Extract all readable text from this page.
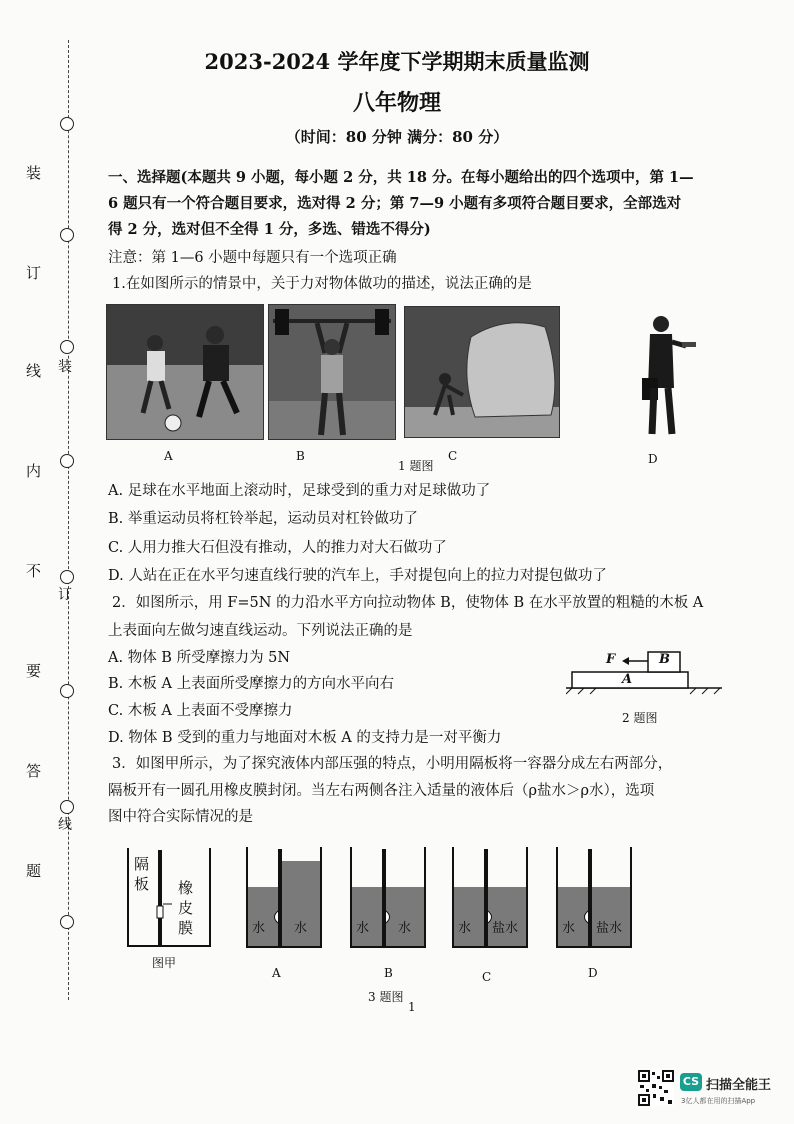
装
订
线
内
不
要
答
题
装
订
线
2023-2024 学年度下学期期末质量监测
八年物理
（时间：80 分钟 满分：80 分）
一、选择题(本题共 9 小题，每小题 2 分，共 18 分。在每小题给出的四个选项中，第 1—
6 题只有一个符合题目要求，选对得 2 分；第 7—9 小题有多项符合题目要求，全部选对
得 2 分，选对但不全得 1 分，多选、错选不得分)
注意：第 1—6 小题中每题只有一个选项正确
1.在如图所示的情景中，关于力对物体做功的描述，说法正确的是
A	B	C	D
1 题图
A. 足球在水平地面上滚动时，足球受到的重力对足球做功了
B. 举重运动员将杠铃举起，运动员对杠铃做功了
C. 人用力推大石但没有推动，人的推力对大石做功了
D. 人站在正在水平匀速直线行驶的汽车上，手对提包向上的拉力对提包做功了
2．如图所示，用 F=5N 的力沿水平方向拉动物体 B，使物体 B 在水平放置的粗糙的木板 A
上表面向左做匀速直线运动。下列说法正确的是
A. 物体 B 所受摩擦力为 5N
B. 木板 A 上表面所受摩擦力的方向水平向右
C. 木板 A 上表面不受摩擦力
D. 物体 B 受到的重力与地面对木板 A 的支持力是一对平衡力
F	B
A
2 题图
3．如图甲所示，为了探究液体内部压强的特点，小明用隔板将一容器分成左右两部分，
隔板开有一圆孔用橡皮膜封闭。当左右两侧各注入适量的液体后（ρ盐水＞ρ水），选项
图中符合实际情况的是
隔板	橡皮膜
图甲
水 水
A
水 水
B
水 盐水
C
水 盐水
D
3 题图
1
CS 扫描全能王
3亿人都在用的扫描App
